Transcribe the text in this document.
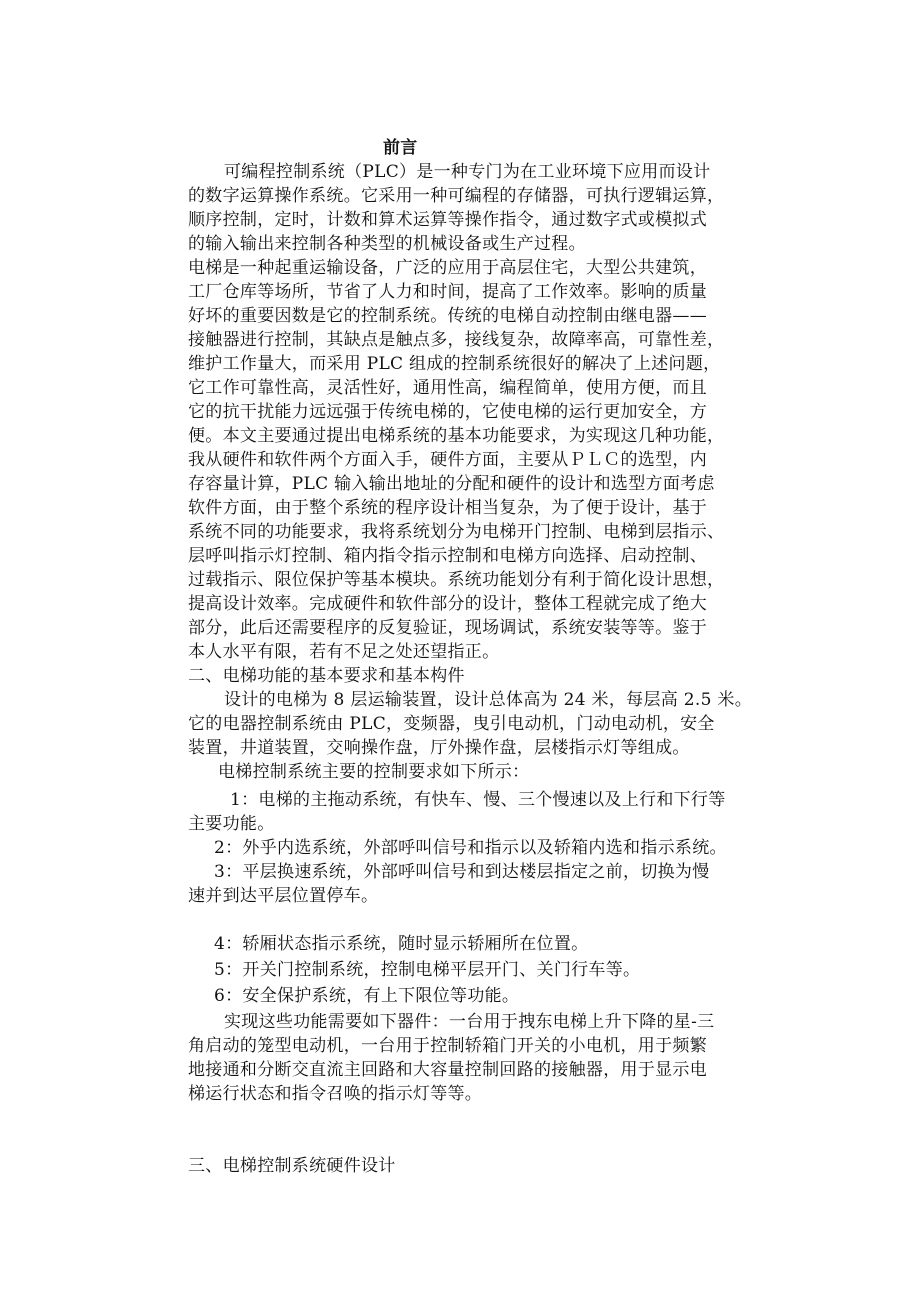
前言
可编程控制系统（PLC）是一种专门为在工业环境下应用而设计
的数字运算操作系统。它采用一种可编程的存储器，可执行逻辑运算，
顺序控制，定时，计数和算术运算等操作指令，通过数字式或模拟式
的输入输出来控制各种类型的机械设备或生产过程。
电梯是一种起重运输设备，广泛的应用于高层住宅，大型公共建筑，
工厂仓库等场所，节省了人力和时间，提高了工作效率。影响的质量
好坏的重要因数是它的控制系统。传统的电梯自动控制由继电器——
接触器进行控制，其缺点是触点多，接线复杂，故障率高，可靠性差，
维护工作量大，而采用 PLC 组成的控制系统很好的解决了上述问题，
它工作可靠性高，灵活性好，通用性高，编程简单，使用方便，而且
它的抗干扰能力远远强于传统电梯的，它使电梯的运行更加安全，方
便。本文主要通过提出电梯系统的基本功能要求，为实现这几种功能，
我从硬件和软件两个方面入手，硬件方面，主要从ＰＬＣ的选型，内
存容量计算，PLC 输入输出地址的分配和硬件的设计和选型方面考虑
软件方面，由于整个系统的程序设计相当复杂，为了便于设计，基于
系统不同的功能要求，我将系统划分为电梯开门控制、电梯到层指示、
层呼叫指示灯控制、箱内指令指示控制和电梯方向选择、启动控制、
过载指示、限位保护等基本模块。系统功能划分有利于简化设计思想，
提高设计效率。完成硬件和软件部分的设计，整体工程就完成了绝大
部分，此后还需要程序的反复验证，现场调试，系统安装等等。鉴于
本人水平有限，若有不足之处还望指正。
二、电梯功能的基本要求和基本构件
设计的电梯为 8 层运输装置，设计总体高为 24 米，每层高 2.5 米。
它的电器控制系统由 PLC，变频器，曳引电动机，门动电动机，安全
装置，井道装置，交响操作盘，厅外操作盘，层楼指示灯等组成。
电梯控制系统主要的控制要求如下所示：
1：电梯的主拖动系统，有快车、慢、三个慢速以及上行和下行等
主要功能。
2：外乎内选系统，外部呼叫信号和指示以及轿箱内选和指示系统。
3：平层换速系统，外部呼叫信号和到达楼层指定之前，切换为慢
速并到达平层位置停车。
4：轿厢状态指示系统，随时显示轿厢所在位置。
5：开关门控制系统，控制电梯平层开门、关门行车等。
6：安全保护系统，有上下限位等功能。
实现这些功能需要如下器件：一台用于拽东电梯上升下降的星-三
角启动的笼型电动机，一台用于控制轿箱门开关的小电机，用于频繁
地接通和分断交直流主回路和大容量控制回路的接触器，用于显示电
梯运行状态和指令召唤的指示灯等等。
三、电梯控制系统硬件设计
